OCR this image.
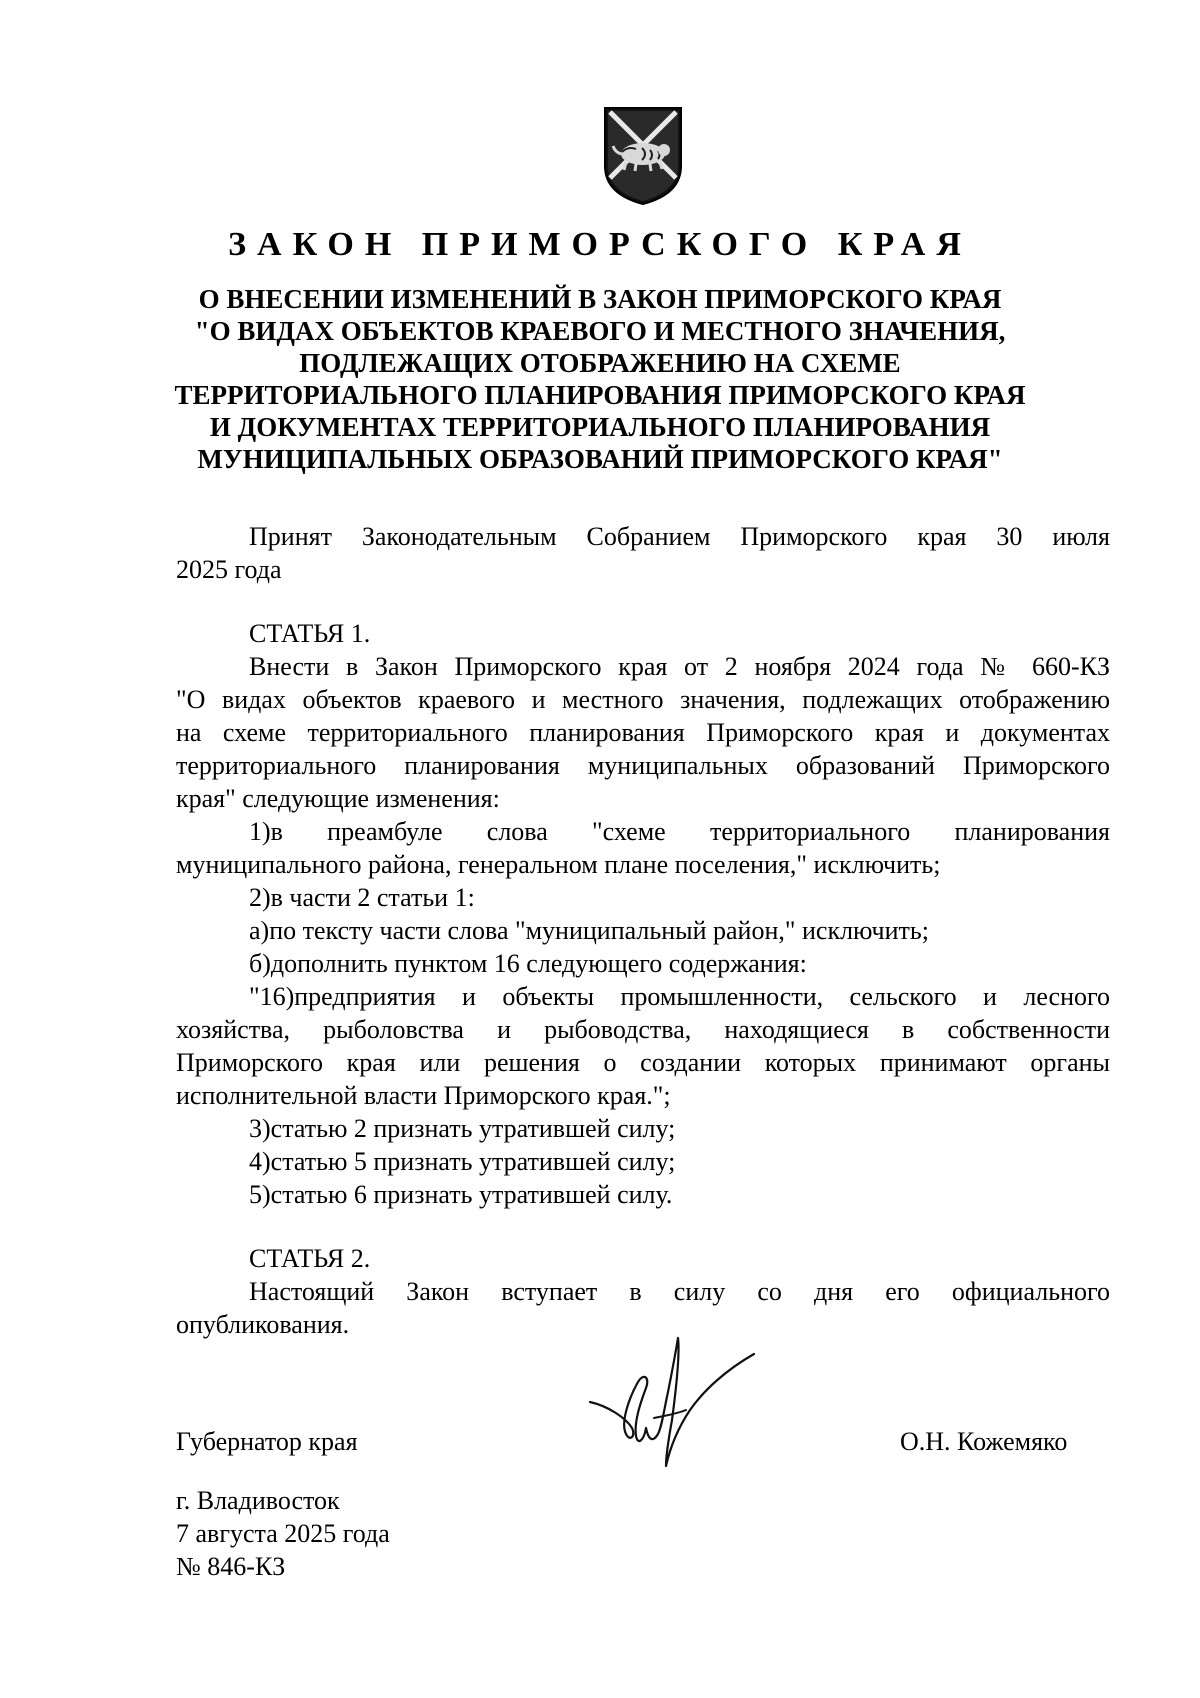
ЗАКОН ПРИМОРСКОГО КРАЯ
О ВНЕСЕНИИ ИЗМЕНЕНИЙ В ЗАКОН ПРИМОРСКОГО КРАЯ
"О ВИДАХ ОБЪЕКТОВ КРАЕВОГО И МЕСТНОГО ЗНАЧЕНИЯ,
ПОДЛЕЖАЩИХ ОТОБРАЖЕНИЮ НА СХЕМЕ
ТЕРРИТОРИАЛЬНОГО ПЛАНИРОВАНИЯ ПРИМОРСКОГО КРАЯ
И ДОКУМЕНТАХ ТЕРРИТОРИАЛЬНОГО ПЛАНИРОВАНИЯ
МУНИЦИПАЛЬНЫХ ОБРАЗОВАНИЙ ПРИМОРСКОГО КРАЯ"
Принят Законодательным Собранием Приморского края 30 июля
2025 года
СТАТЬЯ 1.
Внести в Закон Приморского края от 2 ноября 2024 года № 660-КЗ
"О видах объектов краевого и местного значения, подлежащих отображению
на схеме территориального планирования Приморского края и документах
территориального планирования муниципальных образований Приморского
края" следующие изменения:
1)в преамбуле слова "схеме территориального планирования
муниципального района, генеральном плане поселения," исключить;
2)в части 2 статьи 1:
а)по тексту части слова "муниципальный район," исключить;
б)дополнить пунктом 16 следующего содержания:
"16)предприятия и объекты промышленности, сельского и лесного
хозяйства, рыболовства и рыбоводства, находящиеся в собственности
Приморского края или решения о создании которых принимают органы
исполнительной власти Приморского края.";
3)статью 2 признать утратившей силу;
4)статью 5 признать утратившей силу;
5)статью 6 признать утратившей силу.
СТАТЬЯ 2.
Настоящий Закон вступает в силу со дня его официального
опубликования.
Губернатор края	О.Н. Кожемяко
г. Владивосток
7 августа 2025 года
№ 846-КЗ
